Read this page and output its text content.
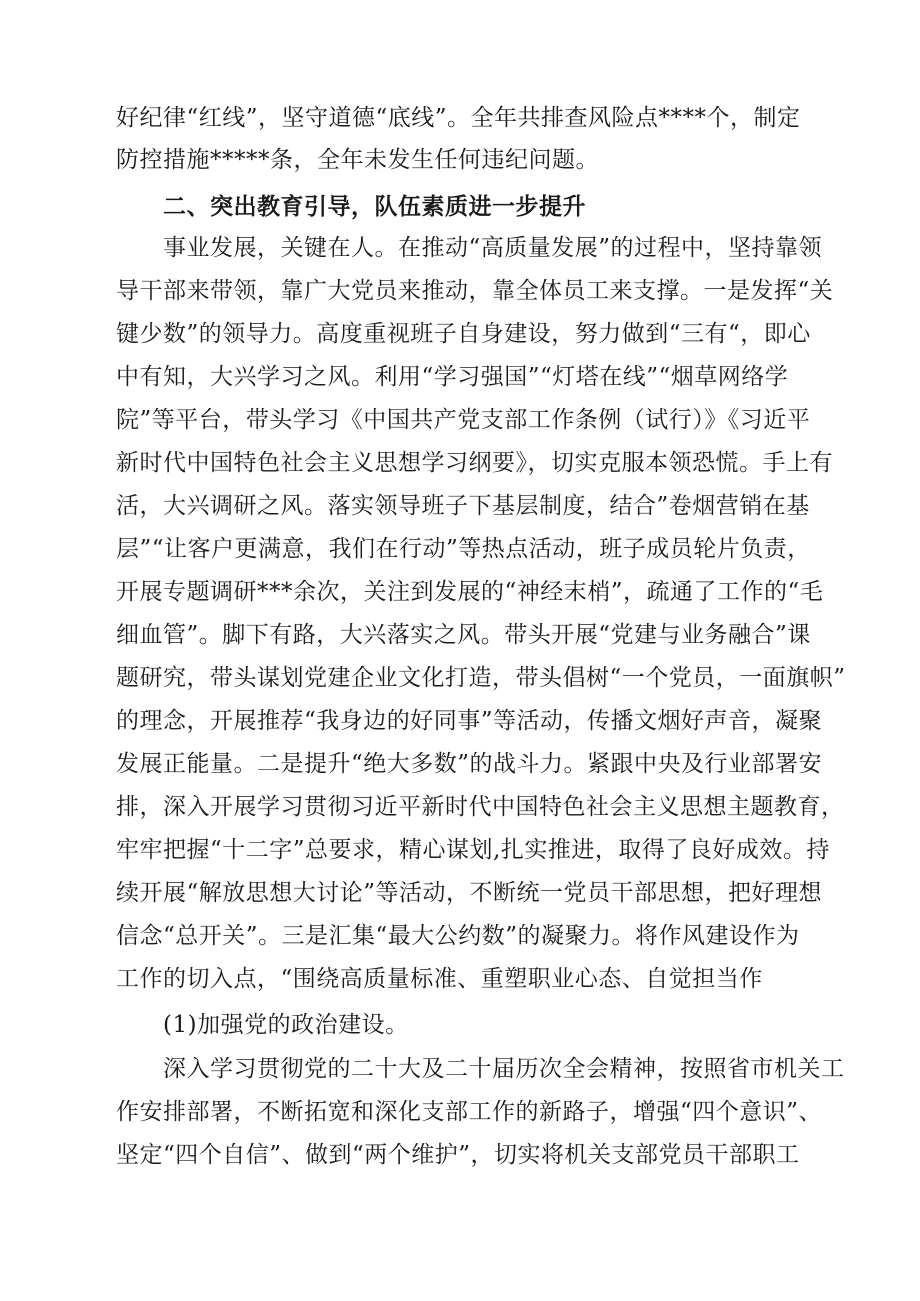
好纪律“红线”，坚守道德“底线”。全年共排查风险点****个，制定
防控措施*****条，全年未发生任何违纪问题。
二、突出教育引导，队伍素质进一步提升
事业发展，关键在人。在推动“高质量发展”的过程中，坚持靠领
导干部来带领，靠广大党员来推动，靠全体员工来支撑。一是发挥“关
键少数”的领导力。高度重视班子自身建设，努力做到“三有“，即心
中有知，大兴学习之风。利用“学习强国”“灯塔在线”“烟草网络学
院”等平台，带头学习《中国共产党支部工作条例（试行）》《习近平
新时代中国特色社会主义思想学习纲要》，切实克服本领恐慌。手上有
活，大兴调研之风。落实领导班子下基层制度，结合”卷烟营销在基
层”“让客户更满意，我们在行动”等热点活动，班子成员轮片负责，
开展专题调研***余次，关注到发展的“神经末梢”，疏通了工作的“毛
细血管”。脚下有路，大兴落实之风。带头开展“党建与业务融合”课
题研究，带头谋划党建企业文化打造，带头倡树“一个党员，一面旗帜”
的理念，开展推荐“我身边的好同事”等活动，传播文烟好声音，凝聚
发展正能量。二是提升“绝大多数”的战斗力。紧跟中央及行业部署安
排，深入开展学习贯彻习近平新时代中国特色社会主义思想主题教育，
牢牢把握“十二字”总要求，精心谋划,扎实推进，取得了良好成效。持
续开展“解放思想大讨论”等活动，不断统一党员干部思想，把好理想
信念“总开关”。三是汇集“最大公约数”的凝聚力。将作风建设作为
工作的切入点，“围绕高质量标准、重塑职业心态、自觉担当作
(1)加强党的政治建设。
深入学习贯彻党的二十大及二十届历次全会精神，按照省市机关工
作安排部署，不断拓宽和深化支部工作的新路子，增强“四个意识”、
坚定“四个自信”、做到“两个维护”，切实将机关支部党员干部职工
